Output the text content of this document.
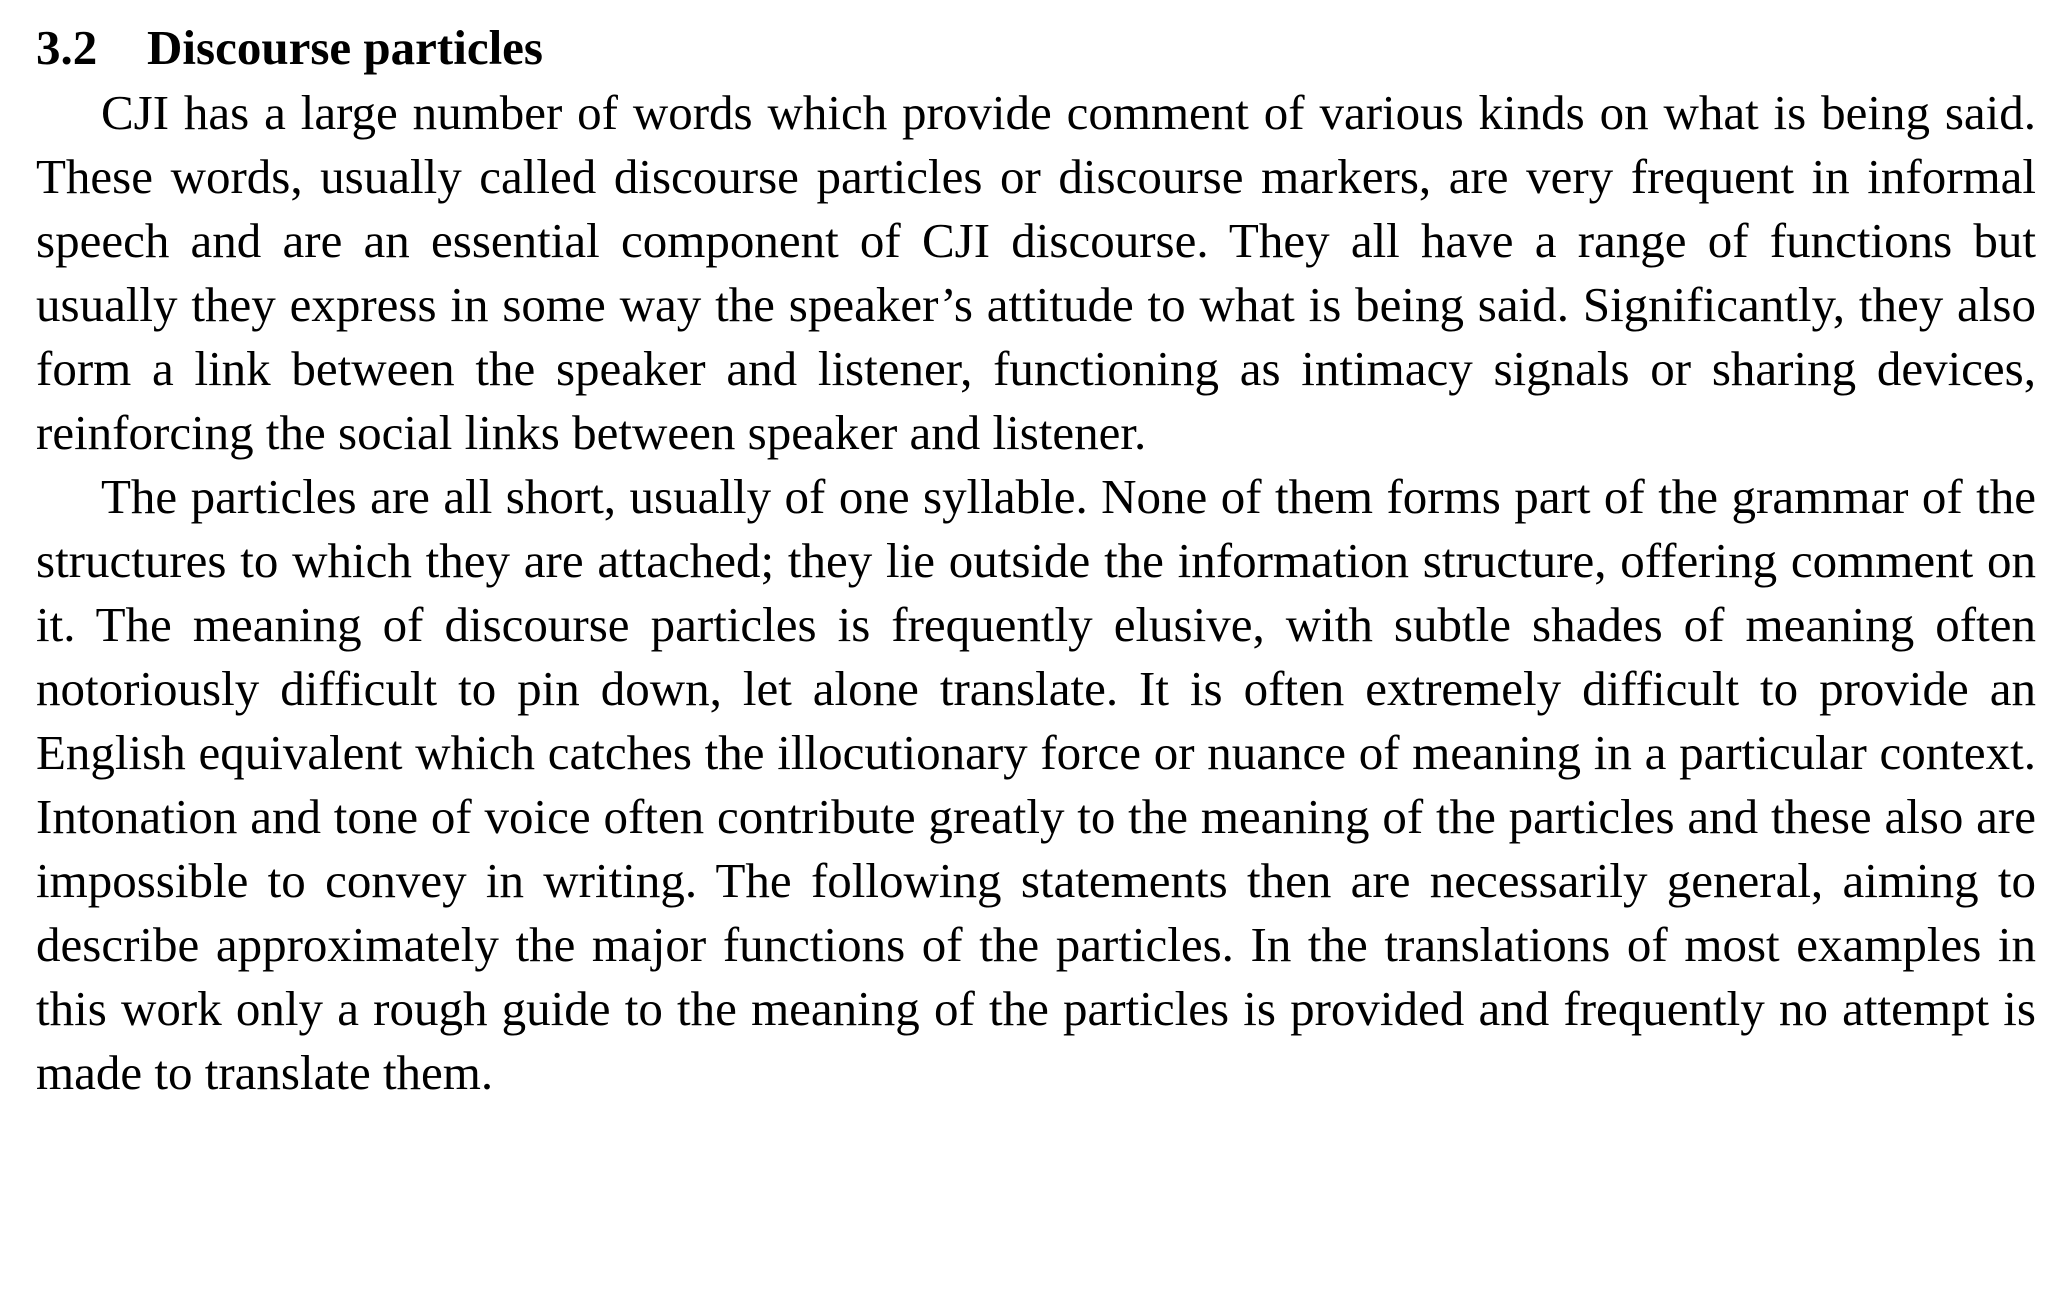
3.2 Discourse particles

CJI has a large number of words which provide comment of various kinds on what is being said. These words, usually called discourse particles or discourse markers, are very frequent in informal speech and are an essential component of CJI discourse. They all have a range of functions but usually they express in some way the speaker’s attitude to what is being said. Significantly, they also form a link between the speaker and listener, functioning as intimacy signals or sharing devices, reinforcing the social links between speaker and listener.

The particles are all short, usually of one syllable. None of them forms part of the grammar of the structures to which they are attached; they lie outside the information structure, offering comment on it. The meaning of discourse particles is frequently elusive, with subtle shades of meaning often notoriously difficult to pin down, let alone translate. It is often extremely difficult to provide an English equivalent which catches the illocutionary force or nuance of meaning in a particular context. Intonation and tone of voice often contribute greatly to the meaning of the particles and these also are impossible to convey in writing. The following statements then are necessarily general, aiming to describe approximately the major functions of the particles. In the translations of most examples in this work only a rough guide to the meaning of the particles is provided and frequently no attempt is made to translate them.
